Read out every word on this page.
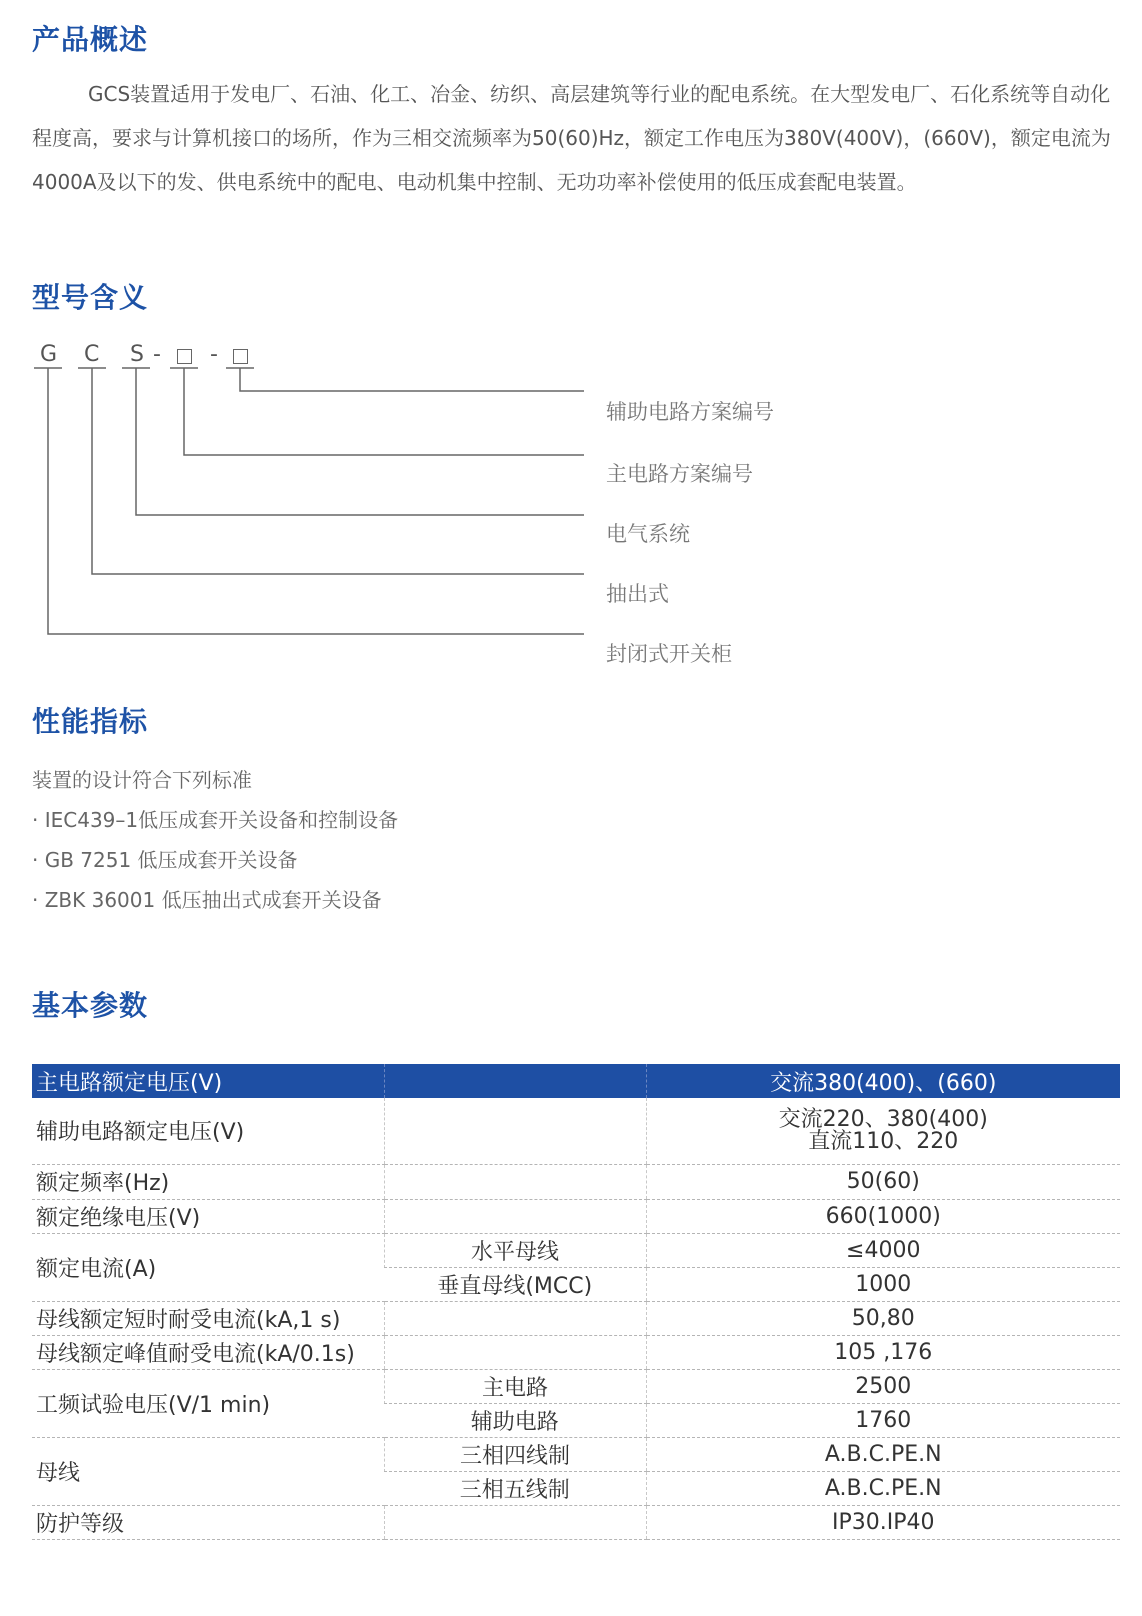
产品概述

GCS装置适用于发电厂、石油、化工、冶金、纺织、高层建筑等行业的配电系统。在大型发电厂、石化系统等自动化程度高，要求与计算机接口的场所，作为三相交流频率为50(60)Hz，额定工作电压为380V(400V)，(660V)，额定电流为4000A及以下的发、供电系统中的配电、电动机集中控制、无功功率补偿使用的低压成套配电装置。

型号含义
G C S - -
辅助电路方案编号
主电路方案编号
电气系统
抽出式
封闭式开关柜
性能指标
装置的设计符合下列标准
· IEC439–1低压成套开关设备和控制设备
· GB 7251 低压成套开关设备
· ZBK 36001 低压抽出式成套开关设备
基本参数
主电路额定电压(V)		交流380(400)、(660)
辅助电路额定电压(V)		交流220、380(400)
直流110、220

额定频率(Hz)		50(60)
额定绝缘电压(V)		660(1000)
额定电流(A)	水平母线	≤4000
	垂直母线(MCC)	1000
母线额定短时耐受电流(kA,1 s)		50,80
母线额定峰值耐受电流(kA/0.1s)		105 ,176
工频试验电压(V/1 min)	主电路	2500
	辅助电路	1760
母线	三相四线制	A.B.C.PE.N
	三相五线制	A.B.C.PE.N
防护等级		IP30.IP40
